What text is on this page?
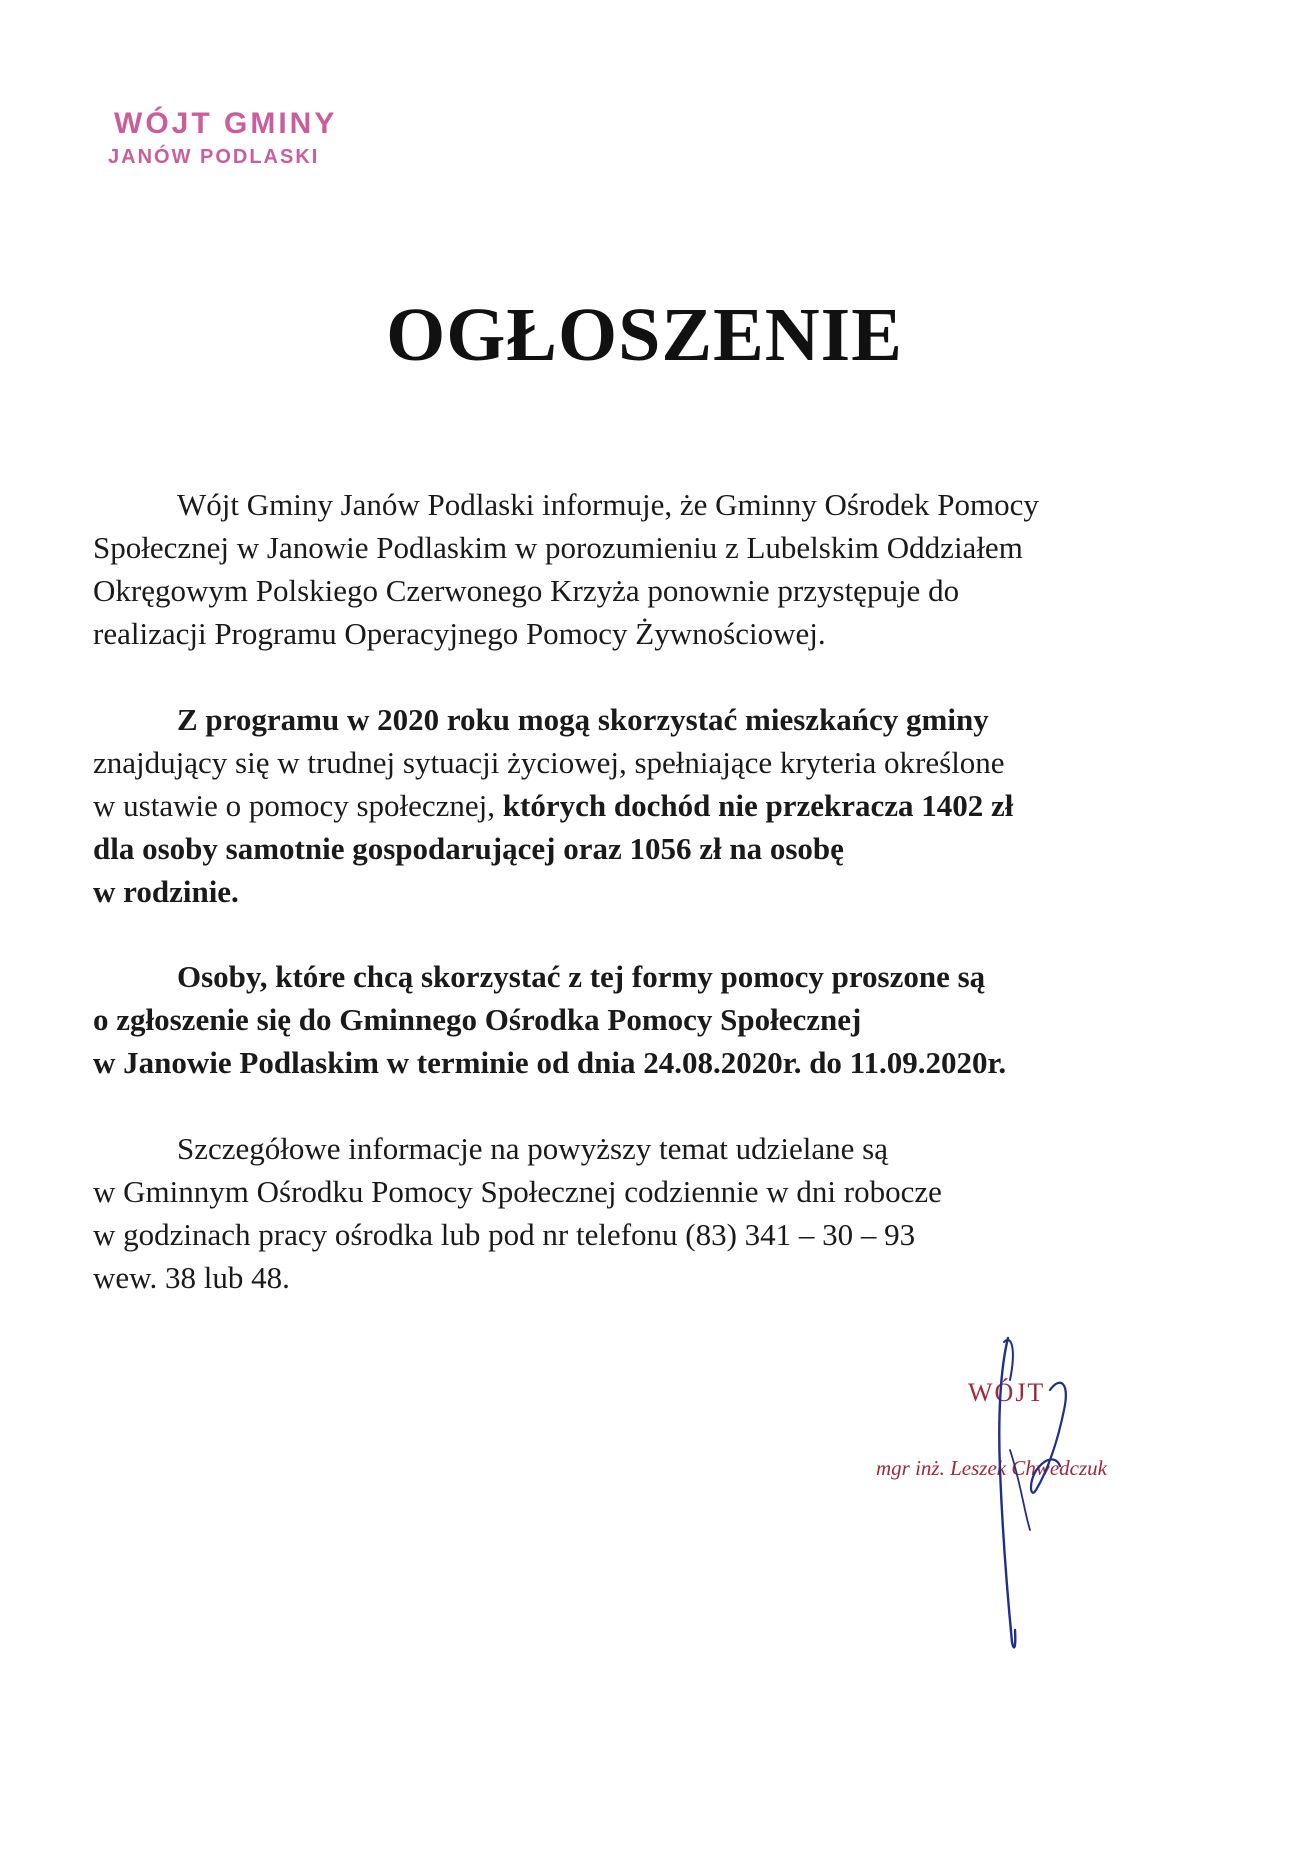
WÓJT GMINY
JANÓW PODLASKI
OGŁOSZENIE

Wójt Gminy Janów Podlaski informuje, że Gminny Ośrodek Pomocy
Społecznej w Janowie Podlaskim w porozumieniu z Lubelskim Oddziałem
Okręgowym Polskiego Czerwonego Krzyża ponownie przystępuje do
realizacji Programu Operacyjnego Pomocy Żywnościowej.

Z programu w 2020 roku mogą skorzystać mieszkańcy gminy
znajdujący się w trudnej sytuacji życiowej, spełniające kryteria określone
w ustawie o pomocy społecznej, których dochód nie przekracza 1402 zł
dla osoby samotnie gospodarującej oraz 1056 zł na osobę
w rodzinie.

Osoby, które chcą skorzystać z tej formy pomocy proszone są
o zgłoszenie się do Gminnego Ośrodka Pomocy Społecznej
w Janowie Podlaskim w terminie od dnia 24.08.2020r. do 11.09.2020r.

Szczegółowe informacje na powyższy temat udzielane są
w Gminnym Ośrodku Pomocy Społecznej codziennie w dni robocze
w godzinach pracy ośrodka lub pod nr telefonu (83) 341 – 30 – 93
wew. 38 lub 48.

WÓJT
mgr inż. Leszek Chwedczuk
